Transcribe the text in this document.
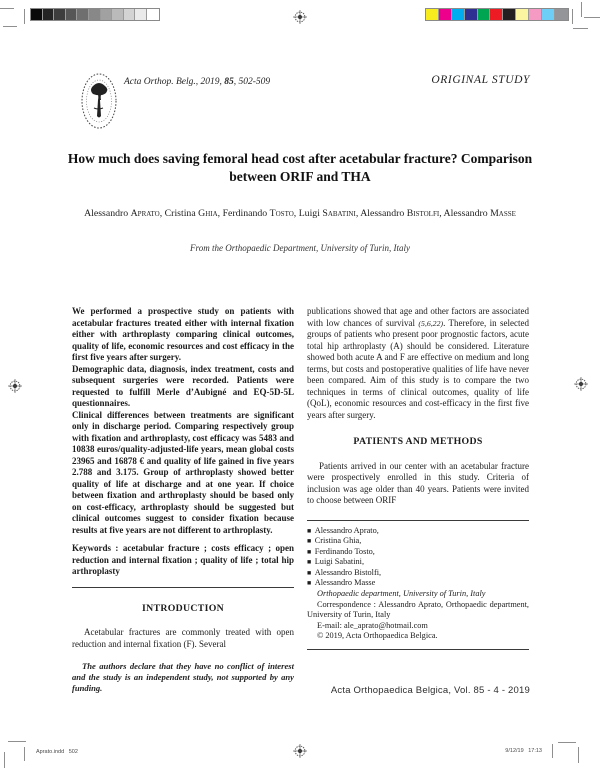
Acta Orthop. Belg., 2019, 85, 502-509	ORIGINAL STUDY
How much does saving femoral head cost after acetabular fracture? Comparison between ORIF and THA
Alessandro Aprato, Cristina Ghia, Ferdinando Tosto, Luigi Sabatini, Alessandro Bistolfi, Alessandro Masse
From the Orthopaedic Department, University of Turin, Italy

We performed a prospective study on patients with acetabular fractures treated either with internal fixation either with arthroplasty comparing clinical outcomes, quality of life, economic resources and cost efficacy in the first five years after surgery.

Demographic data, diagnosis, index treatment, costs and subsequent surgeries were recorded. Patients were requested to fulfill Merle d’Aubigné and EQ-5D-5L questionnaires.

Clinical differences between treatments are significant only in discharge period. Comparing respectively group with fixation and arthroplasty, cost efficacy was 5483 and 10838 euros/quality-adjusted-life years, mean global costs 23965 and 16878 € and quality of life gained in five years 2.788 and 3.175. Group of arthroplasty showed better quality of life at discharge and at one year. If choice between fixation and arthroplasty should be based only on cost-efficacy, arthroplasty should be suggested but clinical outcomes suggest to consider fixation because results at five years are not different to arthroplasty.

Keywords : acetabular fracture ; costs efficacy ; open reduction and internal fixation ; quality of life ; total hip arthroplasty

INTRODUCTION

Acetabular fractures are commonly treated with open reduction and internal fixation (F). Several

The authors declare that they have no conflict of interest and the study is an independent study, not supported by any funding.

publications showed that age and other factors are associated with low chances of survival (5,6,22). Therefore, in selected groups of patients who present poor prognostic factors, acute total hip arthroplasty (A) should be considered. Literature showed both acute A and F are effective on medium and long terms, but costs and postoperative qualities of life have never been compared. Aim of this study is to compare the two techniques in terms of clinical outcomes, quality of life (QoL), economic resources and cost-efficacy in the first five years after surgery.

PATIENTS AND METHODS

Patients arrived in our center with an acetabular fracture were prospectively enrolled in this study. Criteria of inclusion was age older than 40 years. Patients were invited to choose between ORIF

■  Alessandro Aprato,
■  Cristina Ghia,
■  Ferdinando Tosto,
■  Luigi Sabatini,
■  Alessandro Bistolfi,
■  Alessandro Masse
Orthopaedic department, University of Turin, Italy
Correspondence : Alessandro Aprato, Orthopaedic department, University of Turin, Italy
E-mail: ale_aprato@hotmail.com
© 2019, Acta Orthopaedica Belgica.
Acta Orthopaedica Belgica, Vol. 85 - 4 - 2019
Aprato.indd   502	9/12/19   17:13
